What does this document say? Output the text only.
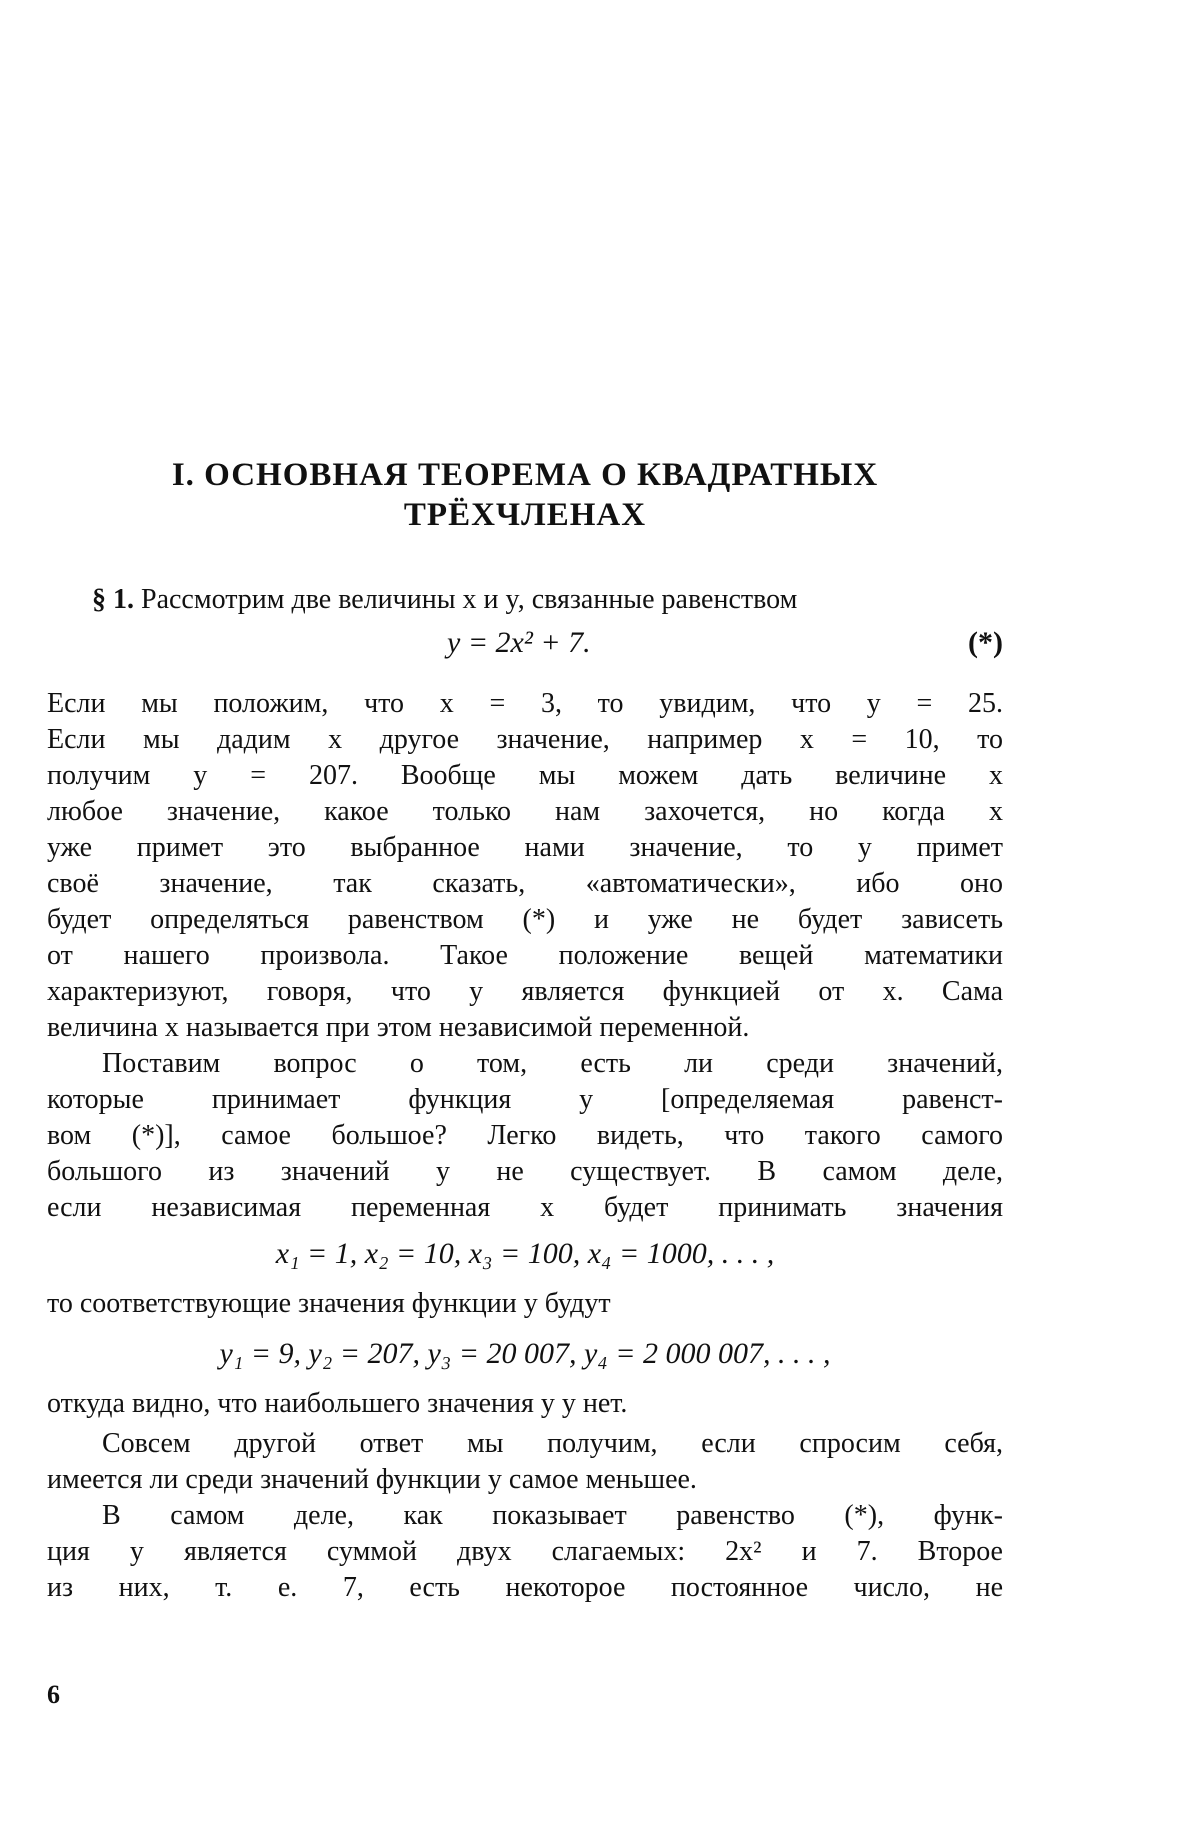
I. ОСНОВНАЯ ТЕОРЕМА О КВАДРАТНЫХ
ТРЁХЧЛЕНАХ
§ 1. Рассмотрим две величины x и y, связанные равенством
y = 2x² + 7.	(*)
Если мы положим, что x = 3, то увидим, что y = 25.
Если мы дадим x другое значение, например x = 10, то
получим y = 207. Вообще мы можем дать величине x
любое значение, какое только нам захочется, но когда x
уже примет это выбранное нами значение, то y примет
своё значение, так сказать, «автоматически», ибо оно
будет определяться равенством (*) и уже не будет зависеть
от нашего произвола. Такое положение вещей математики
характеризуют, говоря, что y является функцией от x. Сама
величина x называется при этом независимой переменной.
Поставим вопрос о том, есть ли среди значений,
которые принимает функция y [определяемая равенст-
вом (*)], самое большое? Легко видеть, что такого самого
большого из значений y не существует. В самом деле,
если независимая переменная x будет принимать значения
x₁ = 1, x₂ = 10, x₃ = 100, x₄ = 1000, . . . ,
то соответствующие значения функции y будут
y₁ = 9, y₂ = 207, y₃ = 20 007, y₄ = 2 000 007, . . . ,
откуда видно, что наибольшего значения у y нет.
Совсем другой ответ мы получим, если спросим себя,
имеется ли среди значений функции y самое меньшее.
В самом деле, как показывает равенство (*), функ-
ция y является суммой двух слагаемых: 2x² и 7. Второе
из них, т. е. 7, есть некоторое постоянное число, не
6
